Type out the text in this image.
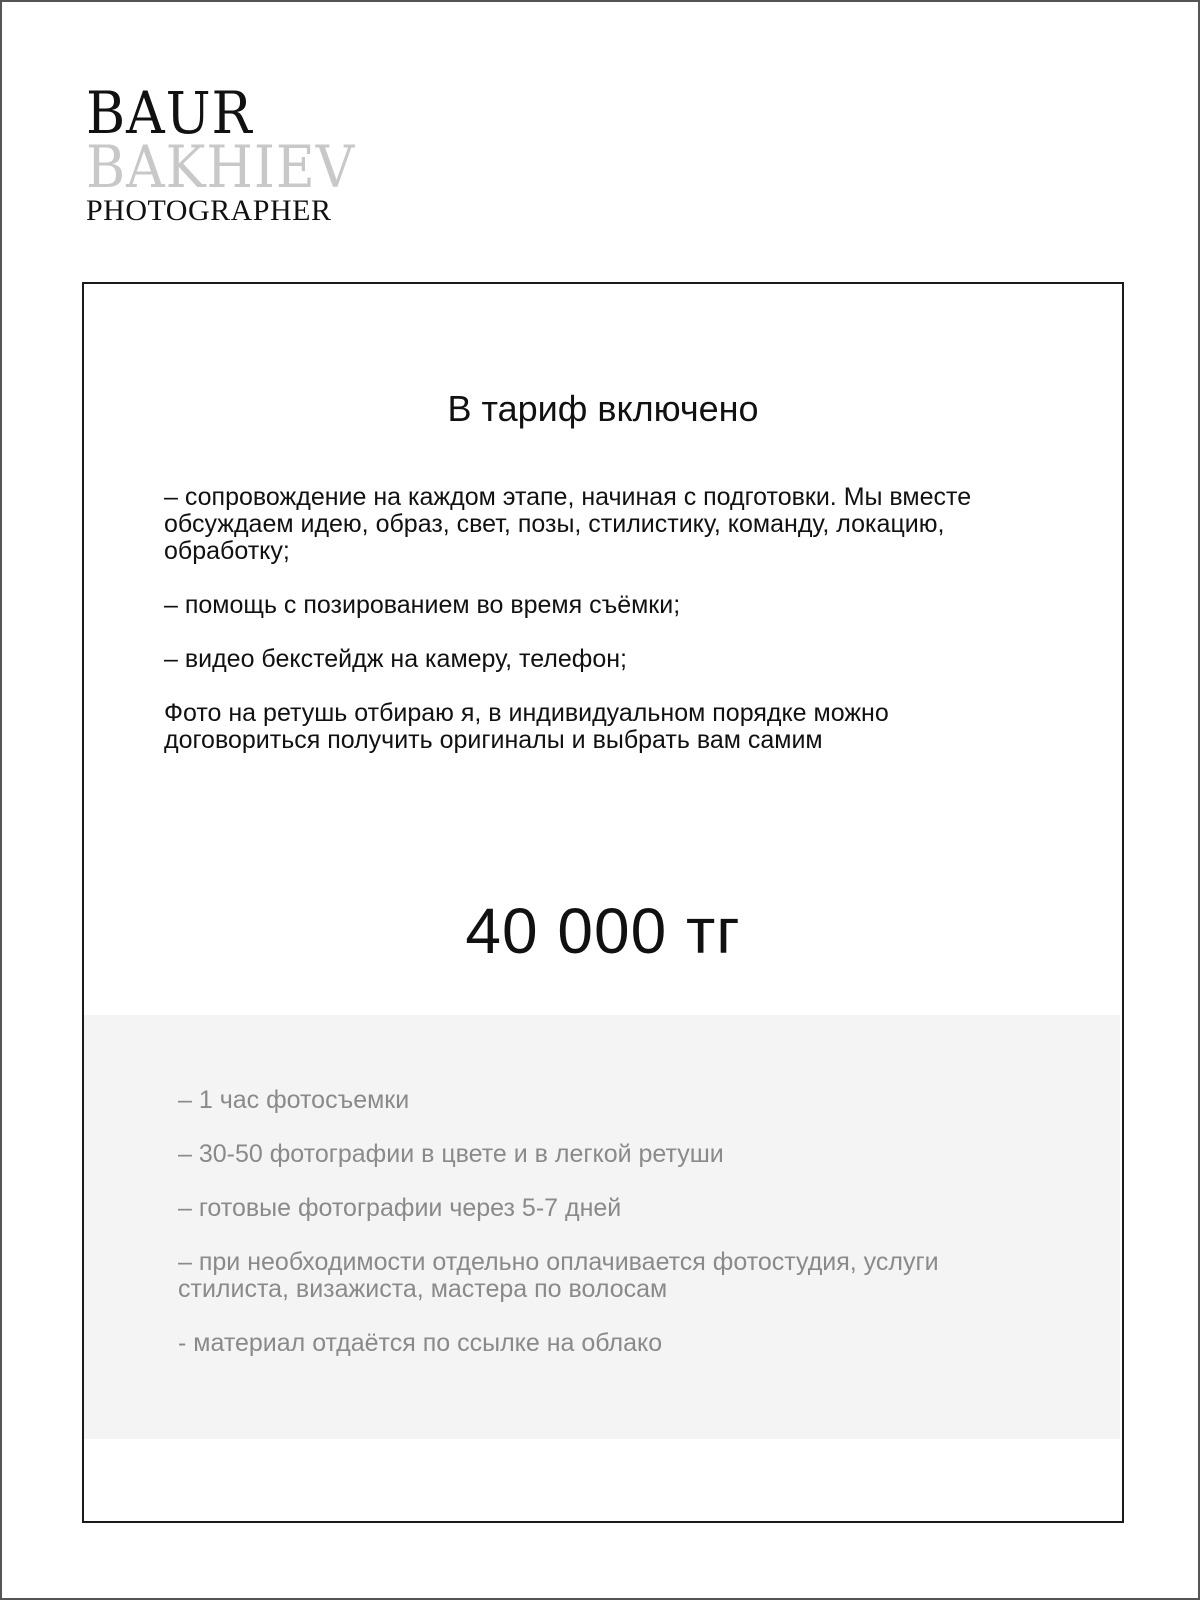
BAUR
BAKHIEV
PHOTOGRAPHER
В тариф включено

– сопровождение на каждом этапе, начиная с подготовки. Мы вместе обсуждаем идею, образ, свет, позы, стилистику, команду, локацию, обработку;

– помощь с позированием во время съёмки;

– видео бекстейдж на камеру, телефон;

Фото на ретушь отбираю я, в индивидуальном порядке можно договориться получить оригиналы и выбрать вам самим

40 000 тг

– 1 час фотосъемки

– 30-50 фотографии в цвете и в легкой ретуши

– готовые фотографии через 5-7 дней

– при необходимости отдельно оплачивается фотостудия, услуги стилиста, визажиста, мастера по волосам

- материал отдаётся по ссылке на облако
